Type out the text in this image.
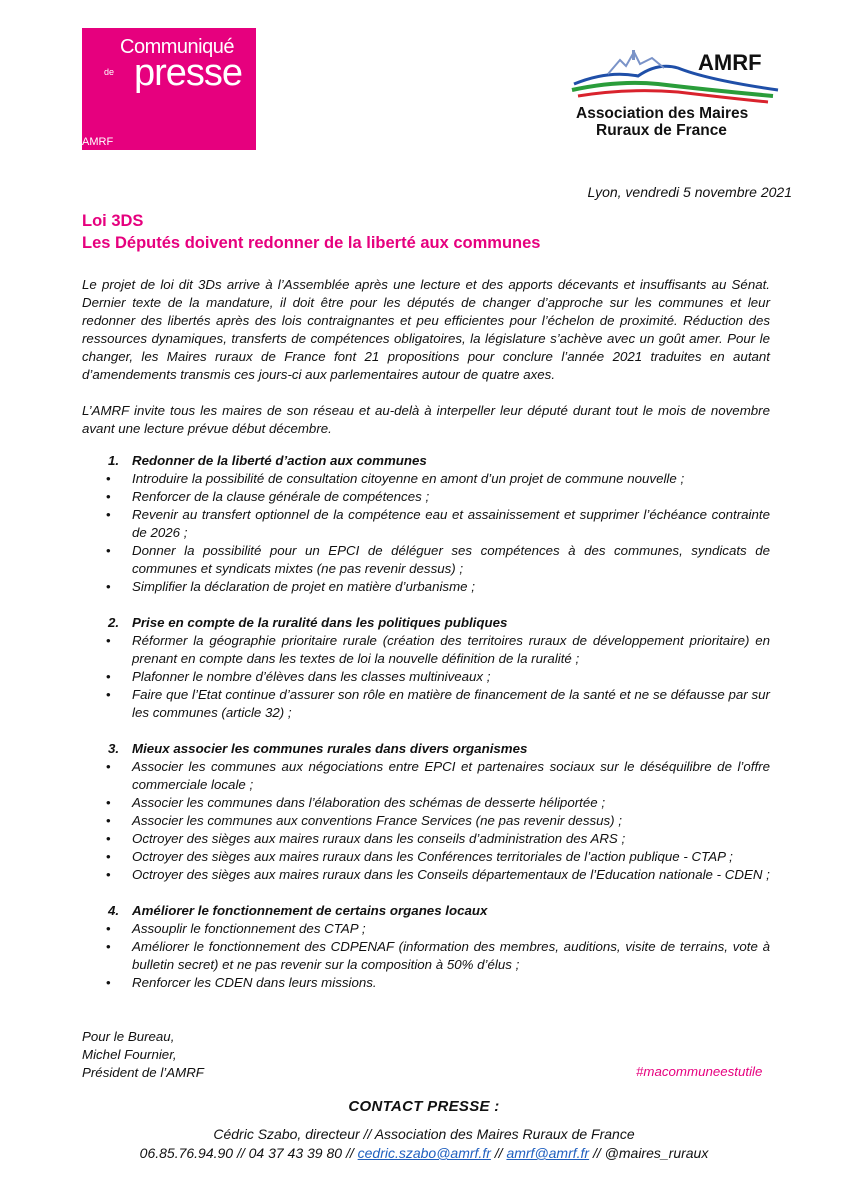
Communiqué
de presse
AMRF
AMRF
Association des Maires
Ruraux de France
Lyon, vendredi 5 novembre 2021
Loi 3DS
Les Députés doivent redonner de la liberté aux communes

Le projet de loi dit 3Ds arrive à l’Assemblée après une lecture et des apports décevants et insuffisants au Sénat. Dernier texte de la mandature, il doit être pour les députés de changer d’approche sur les communes et leur redonner des libertés après des lois contraignantes et peu efficientes pour l’échelon de proximité. Réduction des ressources dynamiques, transferts de compétences obligatoires, la législature s’achève avec un goût amer. Pour le changer, les Maires ruraux de France font 21 propositions pour conclure l’année 2021 traduites en autant d’amendements transmis ces jours-ci aux parlementaires autour de quatre axes.

L’AMRF invite tous les maires de son réseau et au-delà à interpeller leur député durant tout le mois de novembre avant une lecture prévue début décembre.

1. Redonner de la liberté d’action aux communes
•	Introduire la possibilité de consultation citoyenne en amont d’un projet de commune nouvelle ;
•	Renforcer de la clause générale de compétences ;
•	Revenir au transfert optionnel de la compétence eau et assainissement et supprimer l’échéance contrainte de 2026 ;
•	Donner la possibilité pour un EPCI de déléguer ses compétences à des communes, syndicats de communes et syndicats mixtes (ne pas revenir dessus) ;
•	Simplifier la déclaration de projet en matière d’urbanisme ;
2. Prise en compte de la ruralité dans les politiques publiques
•	Réformer la géographie prioritaire rurale (création des territoires ruraux de développement prioritaire) en prenant en compte dans les textes de loi la nouvelle définition de la ruralité ;
•	Plafonner le nombre d’élèves dans les classes multiniveaux ;
•	Faire que l’Etat continue d’assurer son rôle en matière de financement de la santé et ne se défausse par sur les communes (article 32) ;
3. Mieux associer les communes rurales dans divers organismes
•	Associer les communes aux négociations entre EPCI et partenaires sociaux sur le déséquilibre de l’offre commerciale locale ;
•	Associer les communes dans l’élaboration des schémas de desserte héliportée ;
•	Associer les communes aux conventions France Services (ne pas revenir dessus) ;
•	Octroyer des sièges aux maires ruraux dans les conseils d’administration des ARS ;
•	Octroyer des sièges aux maires ruraux dans les Conférences territoriales de l’action publique - CTAP ;
•	Octroyer des sièges aux maires ruraux dans les Conseils départementaux de l’Education nationale - CDEN ;
4. Améliorer le fonctionnement de certains organes locaux
•	Assouplir le fonctionnement des CTAP ;
•	Améliorer le fonctionnement des CDPENAF (information des membres, auditions, visite de terrains, vote à bulletin secret) et ne pas revenir sur la composition à 50% d’élus ;
•	Renforcer les CDEN dans leurs missions.
Pour le Bureau,
Michel Fournier,
Président de l’AMRF	#macommuneestutile
CONTACT PRESSE :
Cédric Szabo, directeur // Association des Maires Ruraux de France
06.85.76.94.90 // 04 37 43 39 80 // cedric.szabo@amrf.fr // amrf@amrf.fr // @maires_ruraux
